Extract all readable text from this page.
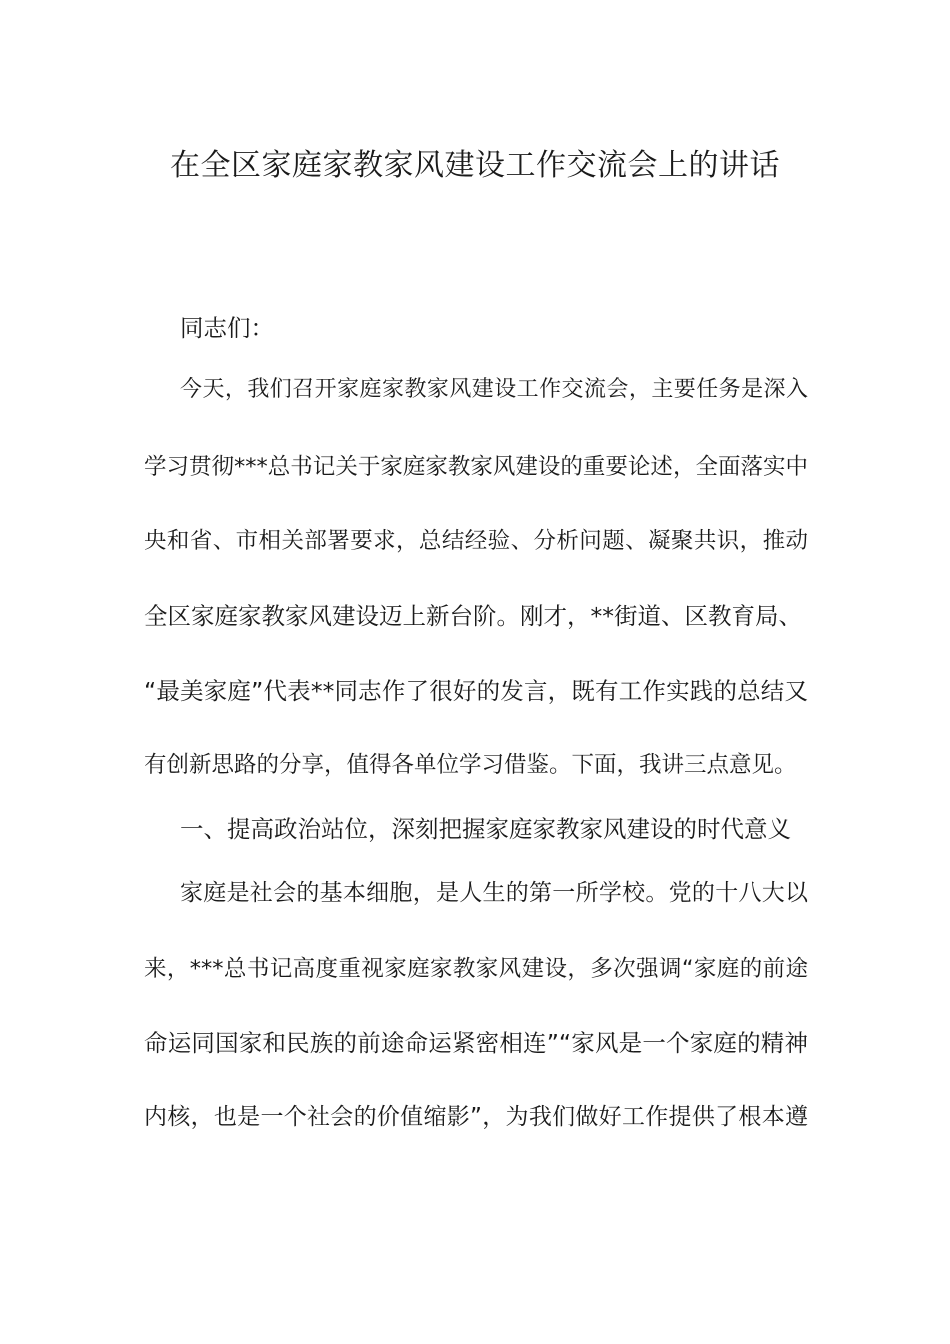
在全区家庭家教家风建设工作交流会上的讲话
同志们：
今天，我们召开家庭家教家风建设工作交流会，主要任务是深入
学习贯彻***总书记关于家庭家教家风建设的重要论述，全面落实中
央和省、市相关部署要求，总结经验、分析问题、凝聚共识，推动
全区家庭家教家风建设迈上新台阶。刚才，**街道、区教育局、
“最美家庭”代表**同志作了很好的发言，既有工作实践的总结又
有创新思路的分享，值得各单位学习借鉴。下面，我讲三点意见。
一、提高政治站位，深刻把握家庭家教家风建设的时代意义
家庭是社会的基本细胞，是人生的第一所学校。党的十八大以
来，***总书记高度重视家庭家教家风建设，多次强调“家庭的前途
命运同国家和民族的前途命运紧密相连”“家风是一个家庭的精神
内核，也是一个社会的价值缩影”，为我们做好工作提供了根本遵
